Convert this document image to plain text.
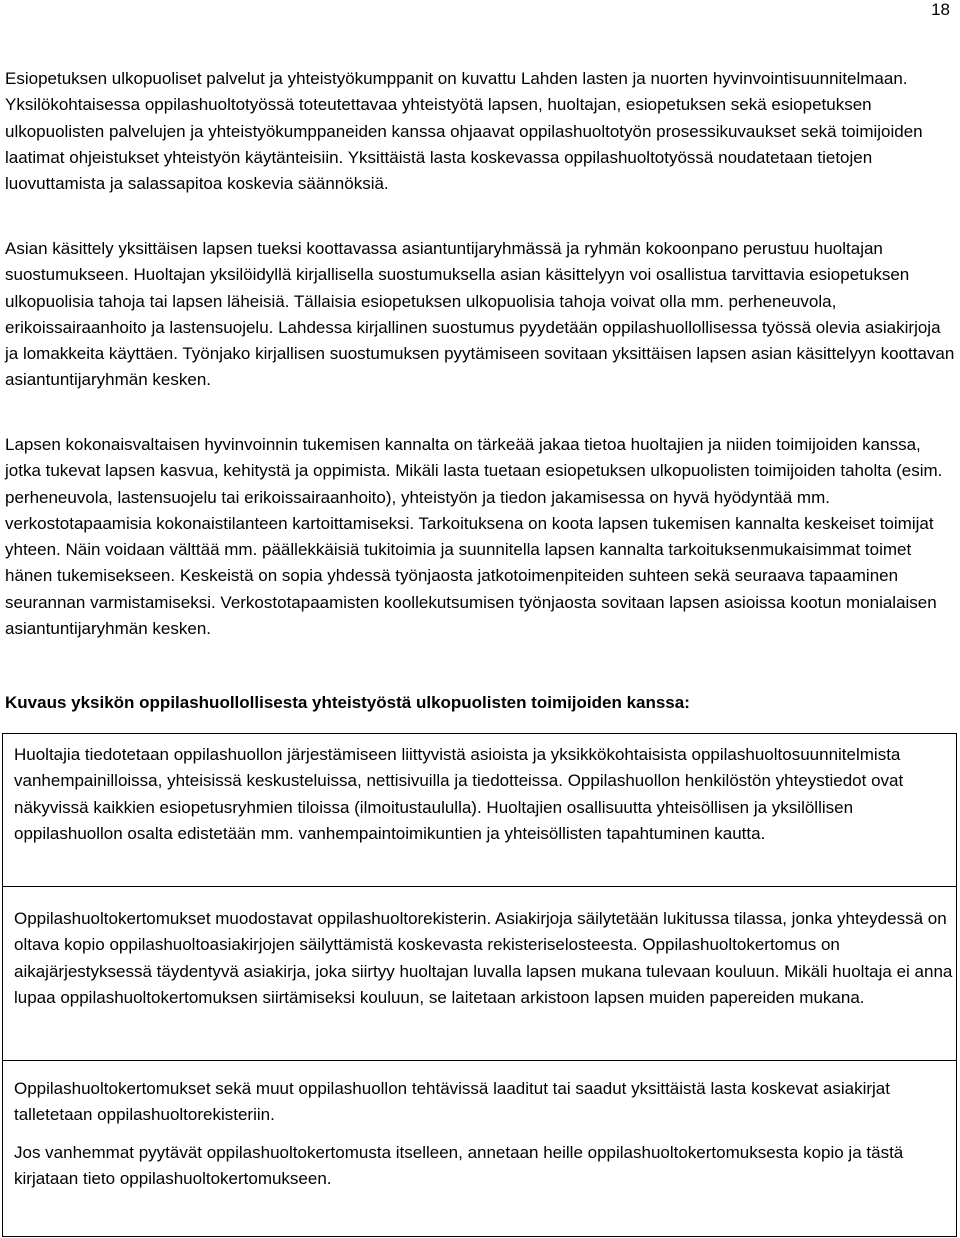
18

Esiopetuksen ulkopuoliset palvelut ja yhteistyökumppanit on kuvattu Lahden lasten ja nuorten hyvinvointisuunnitelmaan. Yksilökohtaisessa oppilashuoltotyössä toteutettavaa yhteistyötä lapsen, huoltajan, esiopetuksen sekä esiopetuksen ulkopuolisten palvelujen ja yhteistyökumppaneiden kanssa ohjaavat oppilashuoltotyön prosessikuvaukset sekä toimijoiden laatimat ohjeistukset yhteistyön käytänteisiin. Yksittäistä lasta koskevassa oppilashuoltotyössä noudatetaan tietojen luovuttamista ja salassapitoa koskevia säännöksiä.

Asian käsittely yksittäisen lapsen tueksi koottavassa asiantuntijaryhmässä ja ryhmän kokoonpano perustuu huoltajan suostumukseen. Huoltajan yksilöidyllä kirjallisella suostumuksella asian käsittelyyn voi osallistua tarvittavia esiopetuksen ulkopuolisia tahoja tai lapsen läheisiä. Tällaisia esiopetuksen ulkopuolisia tahoja voivat olla mm. perheneuvola, erikoissairaanhoito ja lastensuojelu. Lahdessa kirjallinen suostumus pyydetään oppilashuollollisessa työssä olevia asiakirjoja ja lomakkeita käyttäen. Työnjako kirjallisen suostumuksen pyytämiseen sovitaan yksittäisen lapsen asian käsittelyyn koottavan asiantuntijaryhmän kesken.

Lapsen kokonaisvaltaisen hyvinvoinnin tukemisen kannalta on tärkeää jakaa tietoa huoltajien ja niiden toimijoiden kanssa, jotka tukevat lapsen kasvua, kehitystä ja oppimista. Mikäli lasta tuetaan esiopetuksen ulkopuolisten toimijoiden taholta (esim. perheneuvola, lastensuojelu tai erikoissairaanhoito), yhteistyön ja tiedon jakamisessa on hyvä hyödyntää mm. verkostotapaamisia kokonaistilanteen kartoittamiseksi. Tarkoituksena on koota lapsen tukemisen kannalta keskeiset toimijat yhteen. Näin voidaan välttää mm. päällekkäisiä tukitoimia ja suunnitella lapsen kannalta tarkoituksenmukaisimmat toimet hänen tukemisekseen. Keskeistä on sopia yhdessä työnjaosta jatkotoimenpiteiden suhteen sekä seuraava tapaaminen seurannan varmistamiseksi. Verkostotapaamisten koollekutsumisen työnjaosta sovitaan lapsen asioissa kootun monialaisen asiantuntijaryhmän kesken.

Kuvaus yksikön oppilashuollollisesta yhteistyöstä ulkopuolisten toimijoiden kanssa:

Huoltajia tiedotetaan oppilashuollon järjestämiseen liittyvistä asioista ja yksikkökohtaisista oppilashuoltosuunnitelmista vanhempainilloissa, yhteisissä keskusteluissa, nettisivuilla ja tiedotteissa. Oppilashuollon henkilöstön yhteystiedot ovat näkyvissä kaikkien esiopetusryhmien tiloissa (ilmoitustaululla). Huoltajien osallisuutta yhteisöllisen ja yksilöllisen oppilashuollon osalta edistetään mm. vanhempaintoimikuntien ja yhteisöllisten tapahtuminen kautta.

Oppilashuoltokertomukset muodostavat oppilashuoltorekisterin. Asiakirjoja säilytetään lukitussa tilassa, jonka yhteydessä on oltava kopio oppilashuoltoasiakirjojen säilyttämistä koskevasta rekisteriselosteesta. Oppilashuoltokertomus on aikajärjestyksessä täydentyvä asiakirja, joka siirtyy huoltajan luvalla lapsen mukana tulevaan kouluun. Mikäli huoltaja ei anna lupaa oppilashuoltokertomuksen siirtämiseksi kouluun, se laitetaan arkistoon lapsen muiden papereiden mukana.

Oppilashuoltokertomukset sekä muut oppilashuollon tehtävissä laaditut tai saadut yksittäistä lasta koskevat asiakirjat talletetaan oppilashuoltorekisteriin.

Jos vanhemmat pyytävät oppilashuoltokertomusta itselleen, annetaan heille oppilashuoltokertomuksesta kopio ja tästä kirjataan tieto oppilashuoltokertomukseen.
